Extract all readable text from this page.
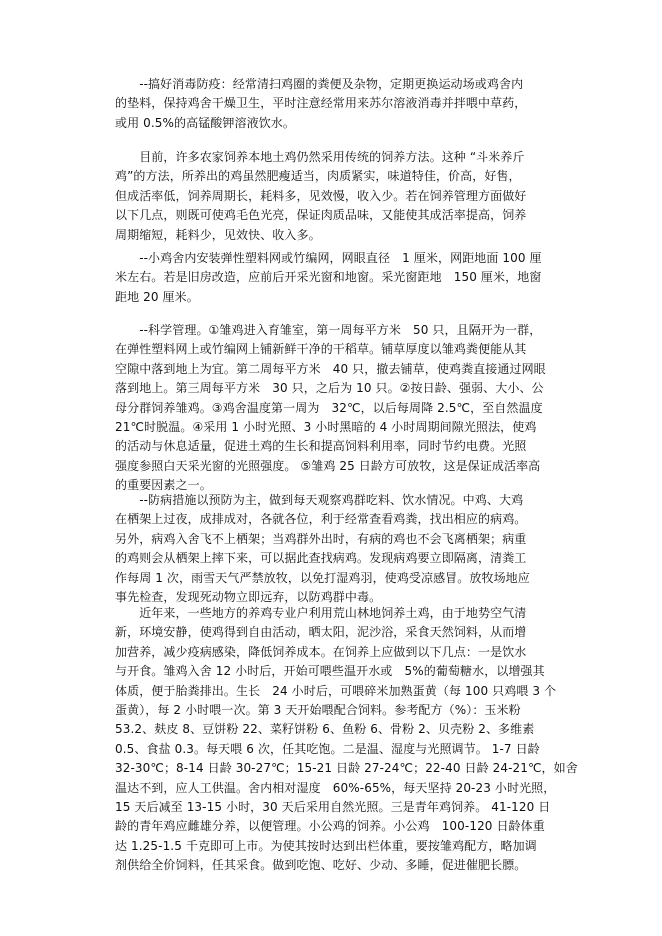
　　--搞好消毒防疫：经常清扫鸡圈的粪便及杂物，定期更换运动场或鸡舍内
的垫料，保持鸡舍干燥卫生，平时注意经常用来苏尔溶液消毒并拌喂中草药，
或用 0.5%的高锰酸钾溶液饮水。

　　目前，许多农家饲养本地土鸡仍然采用传统的饲养方法。这种 “斗米养斤
鸡”的方法，所养出的鸡虽然肥瘦适当，肉质紧实，味道特佳，价高，好售，
但成活率低，饲养周期长，耗料多，见效慢，收入少。若在饲养管理方面做好
以下几点，则既可使鸡毛色光亮，保证肉质品味，又能使其成活率提高，饲养
周期缩短，耗料少，见效快、收入多。

　　--小鸡舍内安装弹性塑料网或竹编网，网眼直径　1 厘米，网距地面 100 厘
米左右。若是旧房改造，应前后开采光窗和地窗。采光窗距地　150 厘米，地窗
距地 20 厘米。

　　--科学管理。①雏鸡进入育雏室，第一周每平方米　50 只，且隔开为一群，
在弹性塑料网上或竹编网上铺新鲜干净的干稻草。铺草厚度以雏鸡粪便能从其
空隙中落到地上为宜。第二周每平方米　40 只，撤去铺草，使鸡粪直接通过网眼
落到地上。第三周每平方米　30 只，之后为 10 只。②按日龄、强弱、大小、公
母分群饲养雏鸡。③鸡舍温度第一周为　32℃，以后每周降 2.5℃，至自然温度
21℃时脱温。④采用 1 小时光照、3 小时黑暗的 4 小时周期间隙光照法，使鸡
的活动与休息适量，促进土鸡的生长和提高饲料利用率，同时节约电费。光照
强度参照白天采光窗的光照强度。 ⑤雏鸡 25 日龄方可放牧，这是保证成活率高
的重要因素之一。

　　--防病措施以预防为主，做到每天观察鸡群吃料、饮水情况。中鸡、大鸡
在栖架上过夜，成排成对，各就各位，利于经常查看鸡粪，找出相应的病鸡。
另外，病鸡入舍飞不上栖架；当鸡群外出时，有病的鸡也不会飞离栖架；病重
的鸡则会从栖架上摔下来，可以据此查找病鸡。发现病鸡要立即隔离，清粪工
作每周 1 次，雨雪天气严禁放牧，以免打湿鸡羽，使鸡受凉感冒。放牧场地应
事先检查，发现死动物立即远弃，以防鸡群中毒。

　　近年来，一些地方的养鸡专业户利用荒山林地饲养土鸡，由于地势空气清
新，环境安静，使鸡得到自由活动，晒太阳，泥沙浴，采食天然饲料，从而增
加营养，减少疫病感染，降低饲养成本。在饲养上应做到以下几点：一是饮水
与开食。雏鸡入舍 12 小时后，开始可喂些温开水或　5%的葡萄糖水，以增强其
体质，便于胎粪排出。生长　24 小时后，可喂碎米加熟蛋黄（每 100 只鸡喂 3 个
蛋黄），每 2 小时喂一次。第 3 天开始喂配合饲料。参考配方（%）：玉米粉
53.2、麸皮 8、豆饼粉 22、菜籽饼粉 6、鱼粉 6、骨粉 2、贝壳粉 2、多维素
0.5、食盐 0.3。每天喂 6 次，任其吃饱。二是温、湿度与光照调节。 1-7 日龄
32-30℃；8-14 日龄 30-27℃；15-21 日龄 27-24℃；22-40 日龄 24-21℃，如舍
温达不到，应人工供温。舍内相对湿度　60%-65%，每天坚持 20-23 小时光照，
15 天后减至 13-15 小时，30 天后采用自然光照。三是青年鸡饲养。 41-120 日
龄的青年鸡应雌雄分养，以便管理。小公鸡的饲养。小公鸡　100-120 日龄体重
达 1.25-1.5 千克即可上市。为使其按时达到出栏体重，要按雏鸡配方，略加调
剂供给全价饲料，任其采食。做到吃饱、吃好、少动、多睡，促进催肥长膘。
